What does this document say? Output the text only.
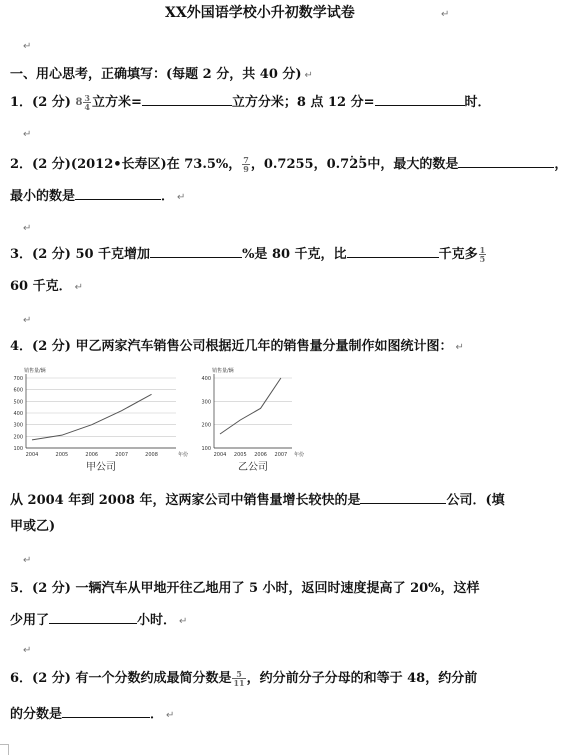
XX外国语学校小升初数学试卷	↵
↵
一、用心思考，正确填写：(每题 2 分，共 40 分) ↵
1．(2 分) $8 \frac{3}{4}$ 立方米=	立方分米；8 点 12 分=	时．
↵
2．(2 分)(2012•长寿区)在 73.5%， $\frac{7}{9}$ ，0.7255，0.7· 2· 5中，最大的数是	，
最小的数是	． ↵
↵
3．(2 分) 50 千克增加	%是 80 千克，比	千克多 $\frac{1}{5}$
60 千克． ↵
↵
4．(2 分) 甲乙两家汽车销售公司根据近几年的销售量分量制作如图统计图： ↵
销售量/辆
100
200
300
400
500
600
700
2004	2005	2006	2007	2008	年份
甲公司
销售量/辆
100
200
300
400
2004 2005 2006 2007 年份
乙公司
从 2004 年到 2008 年，这两家公司中销售量增长较快的是	公司．(填
甲或乙)
↵
5．(2 分) 一辆汽车从甲地开往乙地用了 5 小时，返回时速度提高了 20%，这样
少用了	小时． ↵
↵
6．(2 分) 有一个分数约成最简分数是 $\frac{5}{11}$ ，约分前分子分母的和等于 48，约分前
的分数是	． ↵
